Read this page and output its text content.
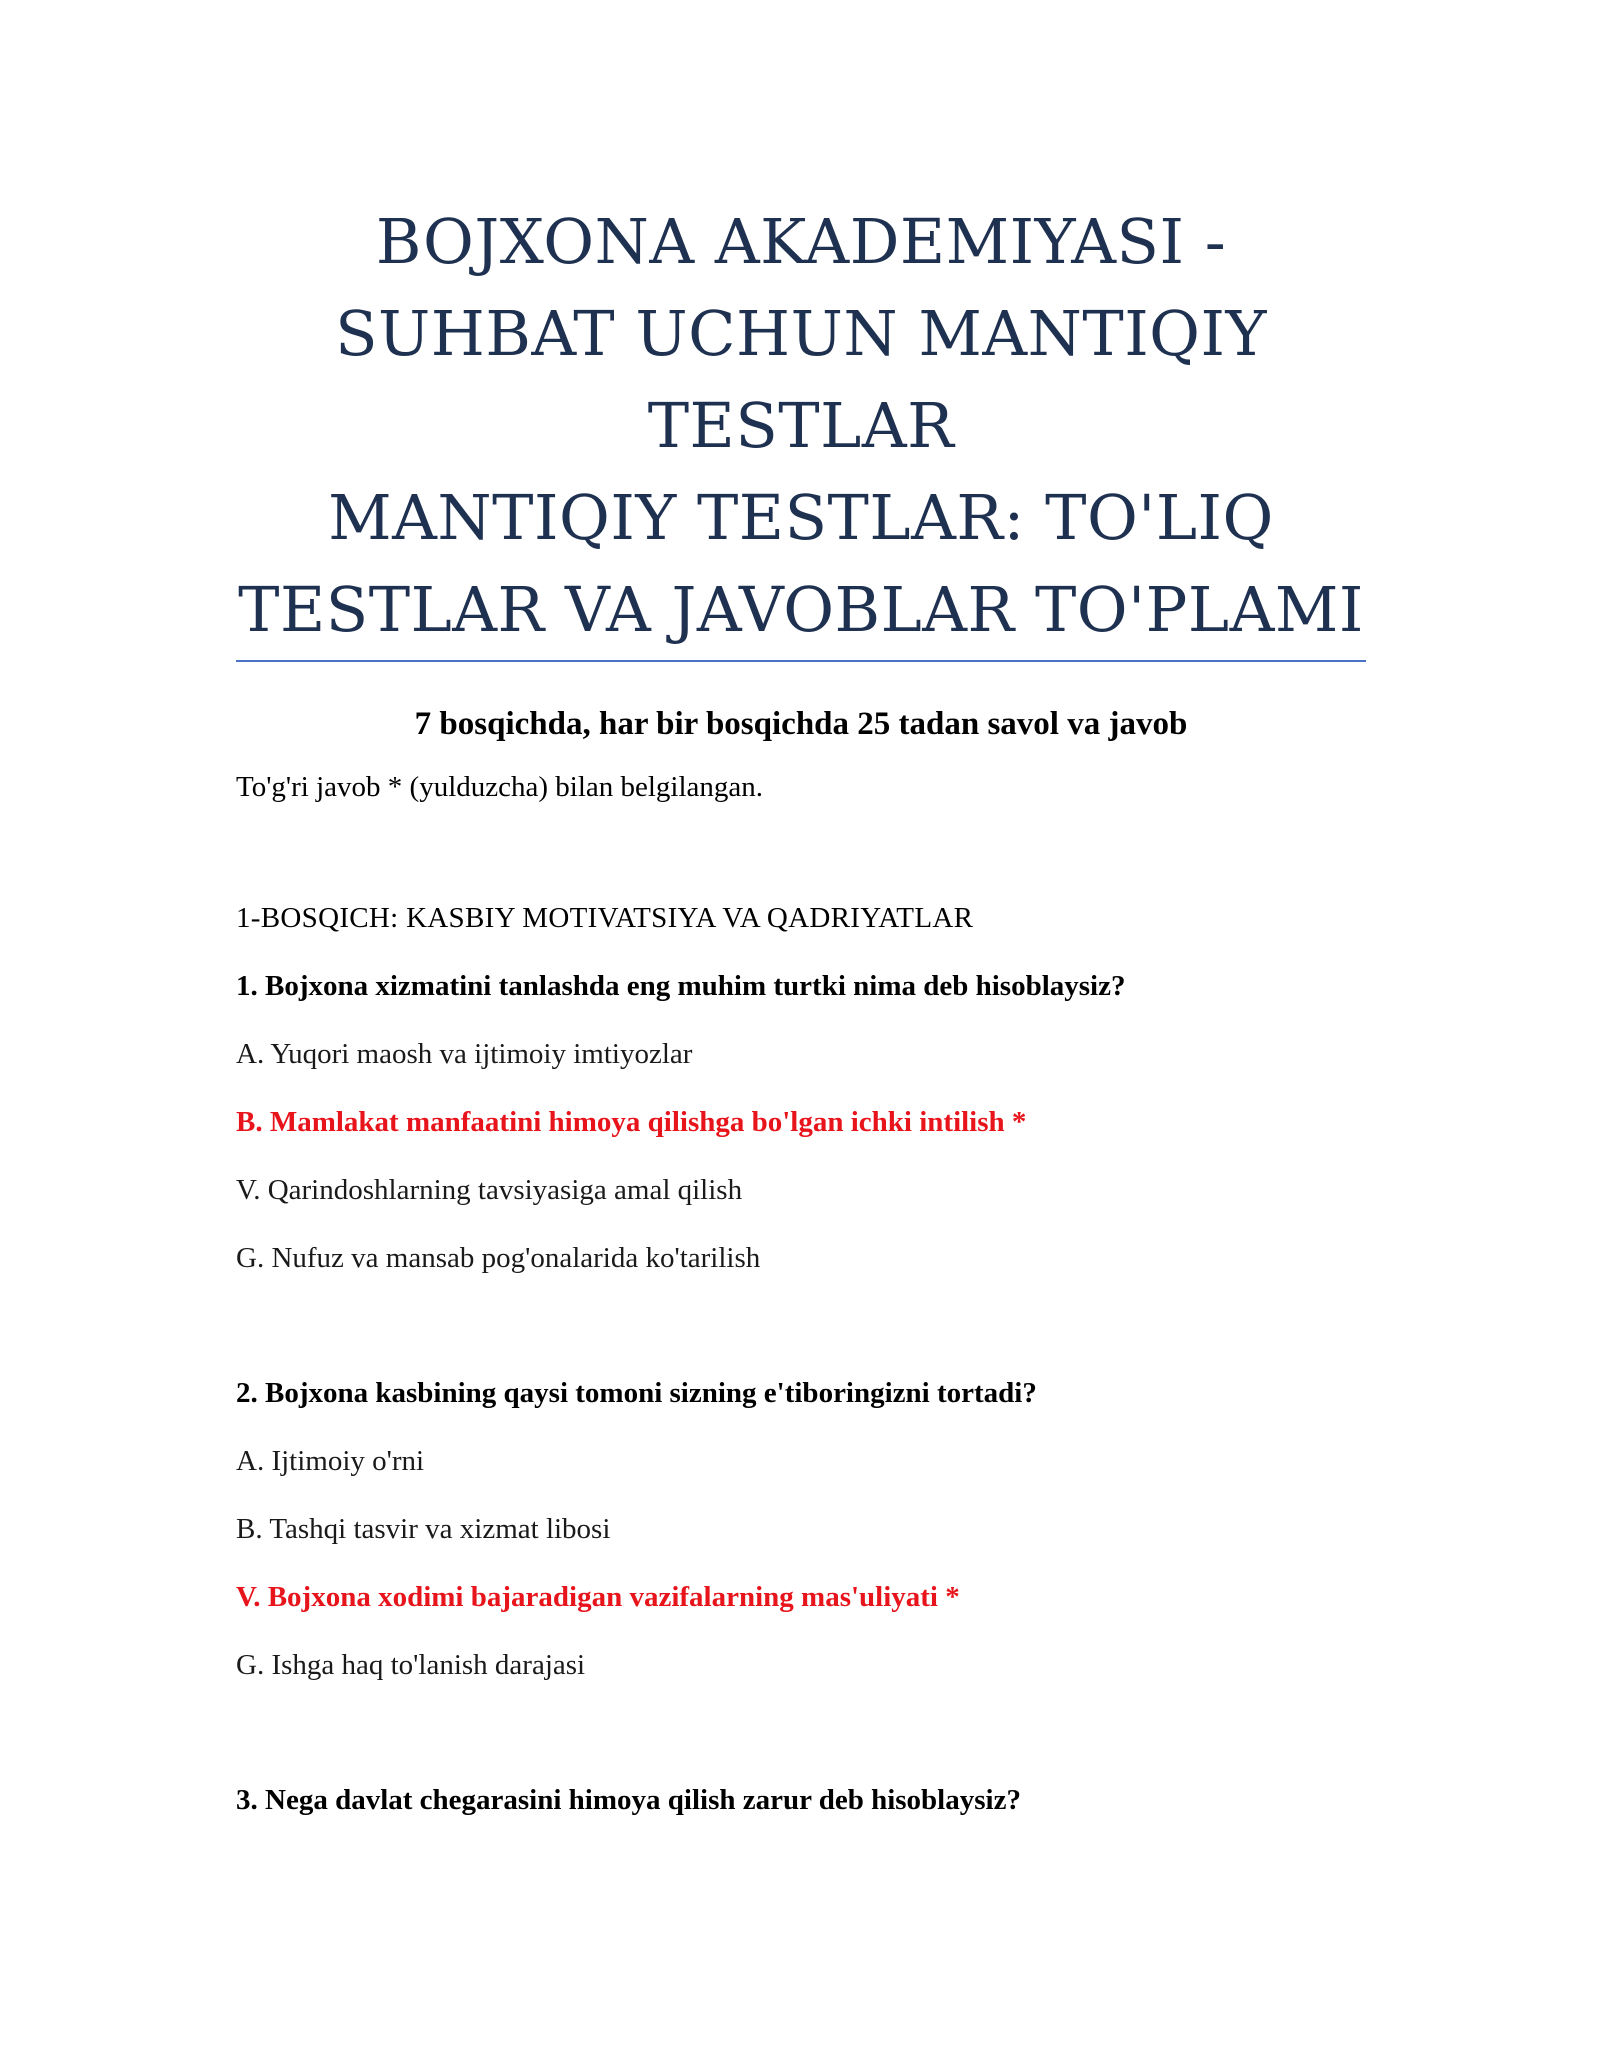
BOJXONA AKADEMIYASI -
SUHBAT UCHUN MANTIQIY
TESTLAR
MANTIQIY TESTLAR: TO'LIQ
TESTLAR VA JAVOBLAR TO'PLAMI
7 bosqichda, har bir bosqichda 25 tadan savol va javob
To'g'ri javob * (yulduzcha) bilan belgilangan.
1-BOSQICH: KASBIY MOTIVATSIYA VA QADRIYATLAR

1. Bojxona xizmatini tanlashda eng muhim turtki nima deb hisoblaysiz?

A. Yuqori maosh va ijtimoiy imtiyozlar

B. Mamlakat manfaatini himoya qilishga bo'lgan ichki intilish *

V. Qarindoshlarning tavsiyasiga amal qilish

G. Nufuz va mansab pog'onalarida ko'tarilish

2. Bojxona kasbining qaysi tomoni sizning e'tiboringizni tortadi?

A. Ijtimoiy o'rni

B. Tashqi tasvir va xizmat libosi

V. Bojxona xodimi bajaradigan vazifalarning mas'uliyati *

G. Ishga haq to'lanish darajasi

3. Nega davlat chegarasini himoya qilish zarur deb hisoblaysiz?
